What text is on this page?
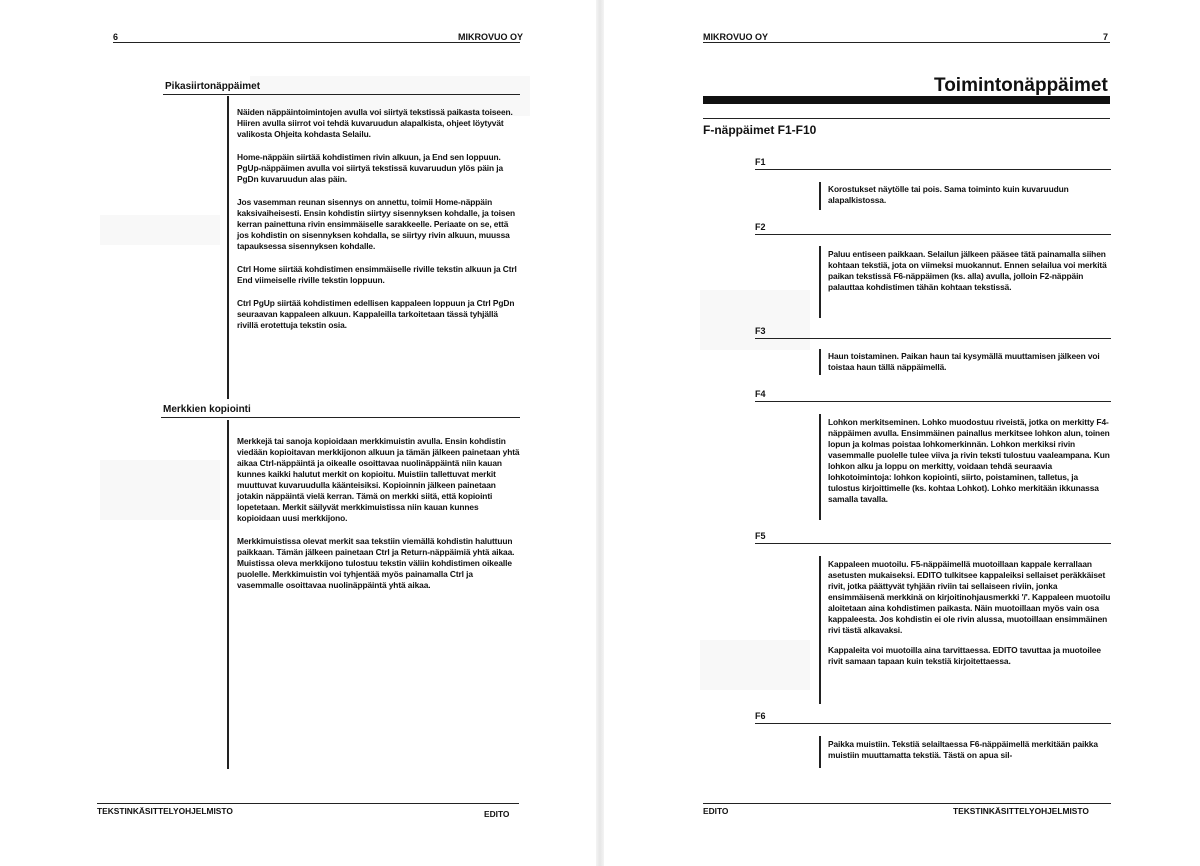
6	MIKROVUO OY
Pikasiirtonäppäimet

Näiden näppäintoimintojen avulla voi siirtyä tekstissä paikasta toiseen. Hiiren avulla siirrot voi tehdä kuvaruudun alapalkista, ohjeet löytyvät valikosta Ohjeita kohdasta Selailu.

Home-näppäin siirtää kohdistimen rivin alkuun, ja End sen loppuun. PgUp-näppäimen avulla voi siirtyä tekstissä kuvaruudun ylös päin ja PgDn kuvaruudun alas päin.

Jos vasemman reunan sisennys on annettu, toimii Home-näppäin kaksivaiheisesti. Ensin kohdistin siirtyy sisennyksen kohdalle, ja toisen kerran painettuna rivin ensimmäiselle sarakkeelle. Periaate on se, että jos kohdistin on sisennyksen kohdalla, se siirtyy rivin alkuun, muussa tapauksessa sisennyksen kohdalle.

Ctrl Home siirtää kohdistimen ensimmäiselle riville tekstin alkuun ja Ctrl End viimeiselle riville tekstin loppuun.

Ctrl PgUp siirtää kohdistimen edellisen kappaleen loppuun ja Ctrl PgDn seuraavan kappaleen alkuun. Kappaleilla tarkoitetaan tässä tyhjällä rivillä erotettuja tekstin osia.

Merkkien kopiointi

Merkkejä tai sanoja kopioidaan merkkimuistin avulla. Ensin kohdistin viedään kopioitavan merkkijonon alkuun ja tämän jälkeen painetaan yhtä aikaa Ctrl-näppäintä ja oikealle osoittavaa nuolinäppäintä niin kauan kunnes kaikki halutut merkit on kopioitu. Muistiin tallettuvat merkit muuttuvat kuvaruudulla käänteisiksi. Kopioinnin jälkeen painetaan jotakin näppäintä vielä kerran. Tämä on merkki siitä, että kopiointi lopetetaan. Merkit säilyvät merkkimuistissa niin kauan kunnes kopioidaan uusi merkkijono.

Merkkimuistissa olevat merkit saa tekstiin viemällä kohdistin haluttuun paikkaan. Tämän jälkeen painetaan Ctrl ja Return-näppäimiä yhtä aikaa. Muistissa oleva merkkijono tulostuu tekstin väliin kohdistimen oikealle puolelle. Merkkimuistin voi tyhjentää myös painamalla Ctrl ja vasemmalle osoittavaa nuolinäppäintä yhtä aikaa.

TEKSTINKÄSITTELYOHJELMISTO	EDITO
MIKROVUO OY	7
Toimintonäppäimet
F-näppäimet F1-F10
F1

Korostukset näytölle tai pois. Sama toiminto kuin kuvaruudun alapalkistossa.

F2

Paluu entiseen paikkaan. Selailun jälkeen pääsee tätä painamalla siihen kohtaan tekstiä, jota on viimeksi muokannut. Ennen selailua voi merkitä paikan tekstissä F6-näppäimen (ks. alla) avulla, jolloin F2-näppäin palauttaa kohdistimen tähän kohtaan tekstissä.

F3

Haun toistaminen. Paikan haun tai kysymällä muuttamisen jälkeen voi toistaa haun tällä näppäimellä.

F4

Lohkon merkitseminen. Lohko muodostuu riveistä, jotka on merkitty F4-näppäimen avulla. Ensimmäinen painallus merkitsee lohkon alun, toinen lopun ja kolmas poistaa lohkomerkinnän. Lohkon merkiksi rivin vasemmalle puolelle tulee viiva ja rivin teksti tulostuu vaaleampana. Kun lohkon alku ja loppu on merkitty, voidaan tehdä seuraavia lohkotoimintoja: lohkon kopiointi, siirto, poistaminen, talletus, ja tulostus kirjoittimelle (ks. kohtaa Lohkot). Lohko merkitään ikkunassa samalla tavalla.

F5

Kappaleen muotoilu. F5-näppäimellä muotoillaan kappale kerrallaan asetusten mukaiseksi. EDITO tulkitsee kappaleiksi sellaiset peräkkäiset rivit, jotka päättyvät tyhjään riviin tai sellaiseen riviin, jonka ensimmäisenä merkkinä on kirjoitinohjausmerkki '/'. Kappaleen muotoilu aloitetaan aina kohdistimen paikasta. Näin muotoillaan myös vain osa kappaleesta. Jos kohdistin ei ole rivin alussa, muotoillaan ensimmäinen rivi tästä alkavaksi.

Kappaleita voi muotoilla aina tarvittaessa. EDITO tavuttaa ja muotoilee rivit samaan tapaan kuin tekstiä kirjoitettaessa.

F6

Paikka muistiin. Tekstiä selailtaessa F6-näppäimellä merkitään paikka muistiin muuttamatta tekstiä. Tästä on apua sil-

EDITO	TEKSTINKÄSITTELYOHJELMISTO
